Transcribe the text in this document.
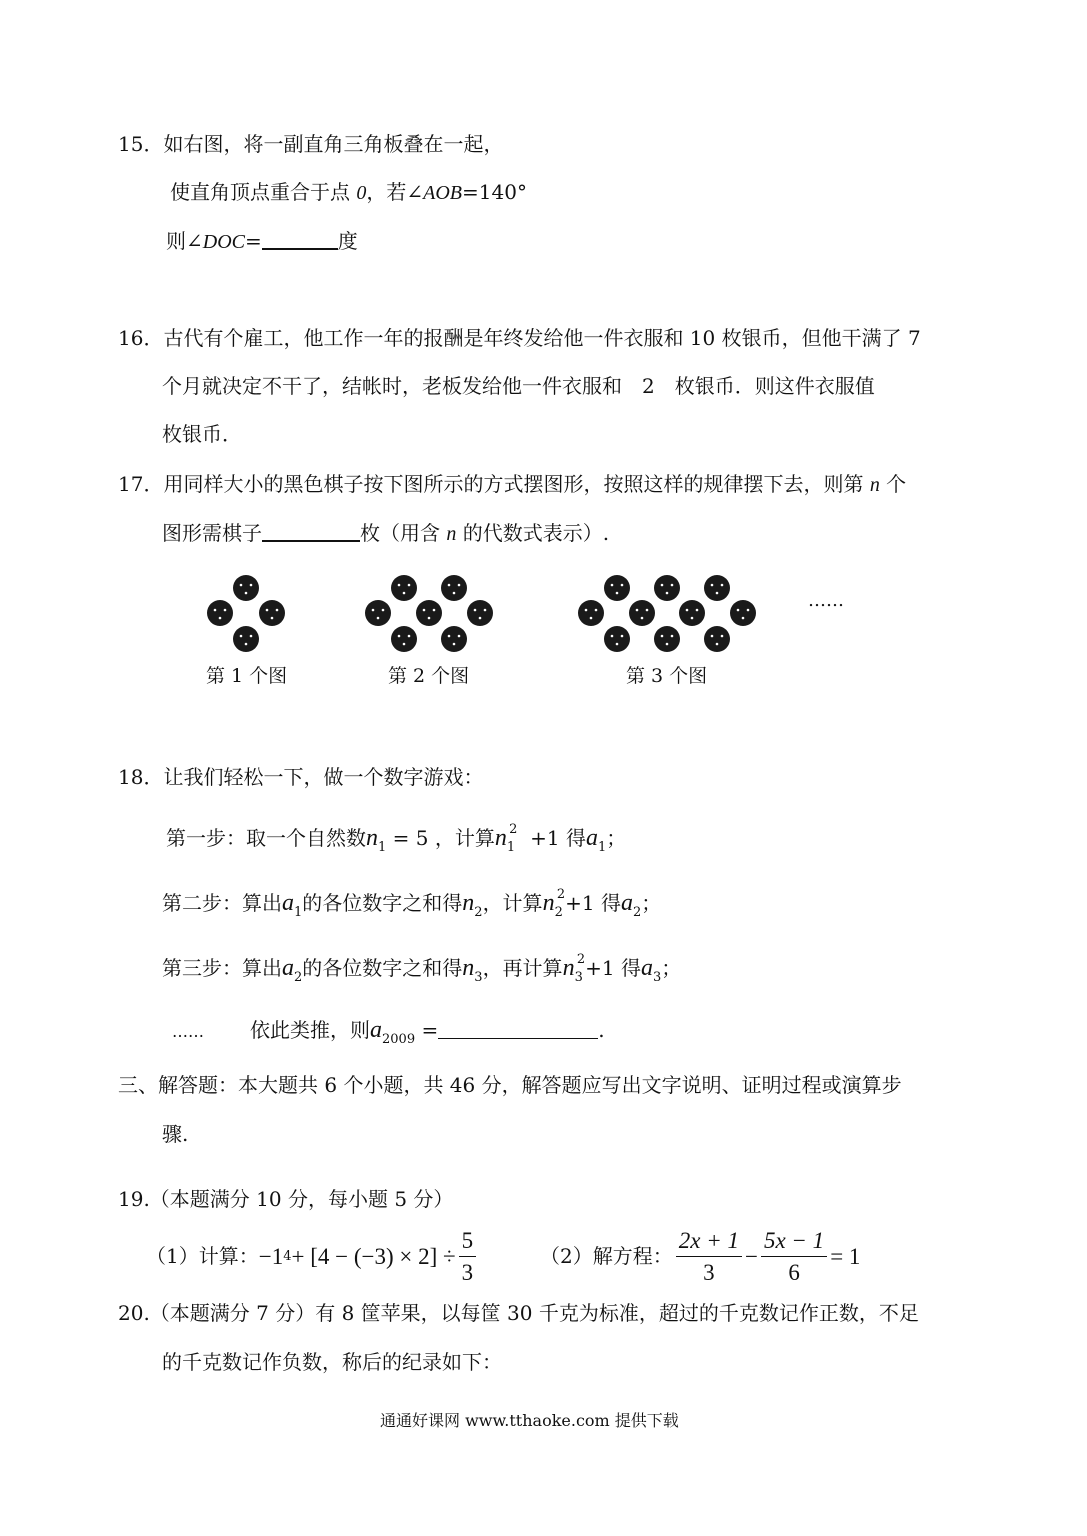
15．如右图，将一副直角三角板叠在一起，
使直角顶点重合于点 0，若∠AOB=140°
则∠DOC=	度
16．古代有个雇工，他工作一年的报酬是年终发给他一件衣服和 10 枚银币，但他干满了 7
个月就决定不干了，结帐时，老板发给他一件衣服和　2　枚银币．则这件衣服值
枚银币．
17．用同样大小的黑色棋子按下图所示的方式摆图形，按照这样的规律摆下去，则第 n 个
图形需棋子	枚（用含 n 的代数式表示）.
……
第 1 个图	第 2 个图	第 3 个图
18．让我们轻松一下，做一个数字游戏：
第一步：取一个自然数$n_1 = 5$ ，计算$n_1^2 +1$ 得$a_1$；
第二步：算出$a_1$的各位数字之和得$n_2$，计算$n_2^2+1$ 得$a_2$；
第三步：算出$a_2$的各位数字之和得$n_3$，再计算$n_3^2+1$ 得$a_3$；
…… 依此类推，则$a_{2009}$ =	.
三、解答题：本大题共 6 个小题，共 46 分，解答题应写出文字说明、证明过程或演算步
骤.
19.（本题满分 10 分，每小题 5 分）
（1）计算： −1 $4 + [4 - (-3) \times 2] \div \frac{5}{3}$	（2）解方程： $\frac{2x + 1}{3} - \frac{5x - 1}{6} = 1$
20.（本题满分 7 分）有 8 筐苹果，以每筐 30 千克为标准，超过的千克数记作正数，不足
的千克数记作负数，称后的纪录如下：
通通好课网 www.tthaoke.com 提供下载
